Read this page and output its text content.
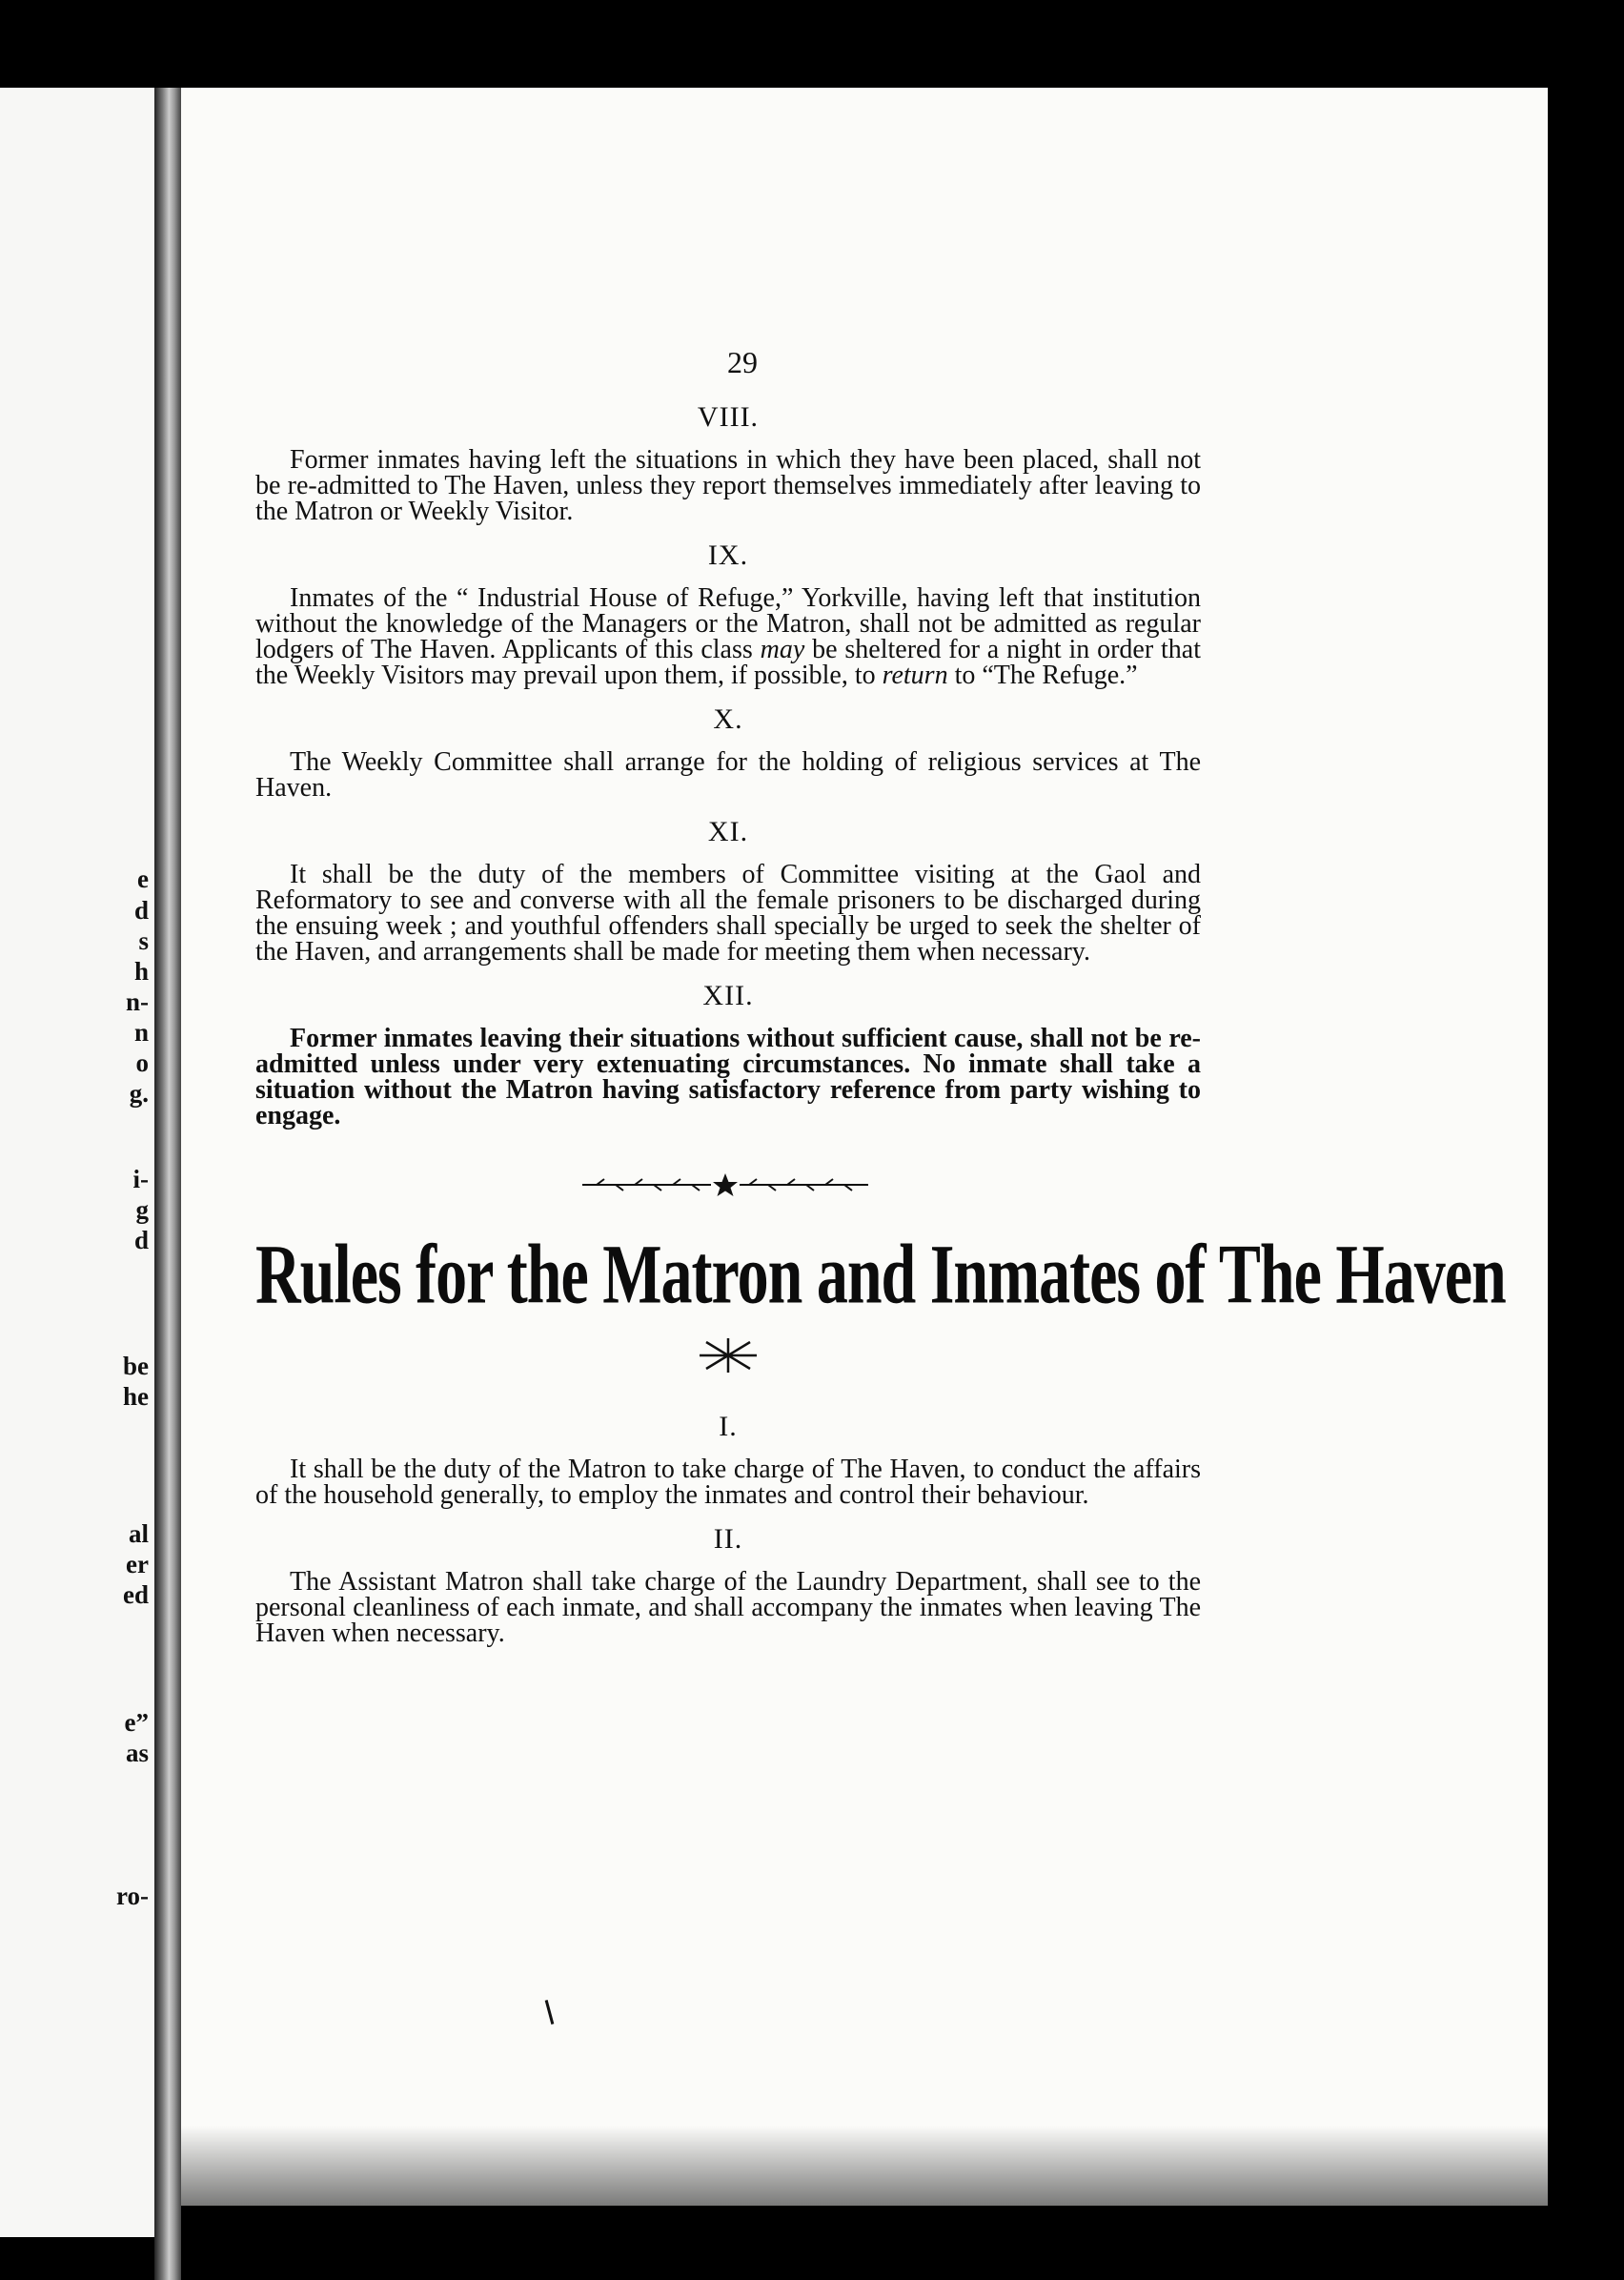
e
d
s
h
n-
n
o
g.
i-
g
d
be
he
al
er
ed
e”
as
ro-
29
VIII.

Former inmates having left the situations in which they have been placed, shall not be re-admitted to The Haven, unless they report themselves immediately after leaving to the Matron or Weekly Visitor.

IX.

Inmates of the “ Industrial House of Refuge,” Yorkville, having left that institution without the knowledge of the Managers or the Matron, shall not be admitted as regular lodgers of The Haven. Applicants of this class may be sheltered for a night in order that the Weekly Visitors may prevail upon them, if possible, to return to “The Refuge.”

X.

The Weekly Committee shall arrange for the holding of religious services at The Haven.

XI.

It shall be the duty of the members of Committee visiting at the Gaol and Reformatory to see and converse with all the female prisoners to be discharged during the ensuing week ; and youthful offenders shall specially be urged to seek the shelter of the Haven, and arrangements shall be made for meeting them when necessary.

XII.

Former inmates leaving their situations without sufficient cause, shall not be re-admitted unless under very extenuating circumstances. No inmate shall take a situation without the Matron having satisfactory reference from party wishing to engage.

Rules for the Matron and Inmates of The Haven
I.

It shall be the duty of the Matron to take charge of The Haven, to conduct the affairs of the household generally, to employ the inmates and control their behaviour.

II.

The Assistant Matron shall take charge of the Laundry Department, shall see to the personal cleanliness of each inmate, and shall accompany the inmates when leaving The Haven when necessary.
